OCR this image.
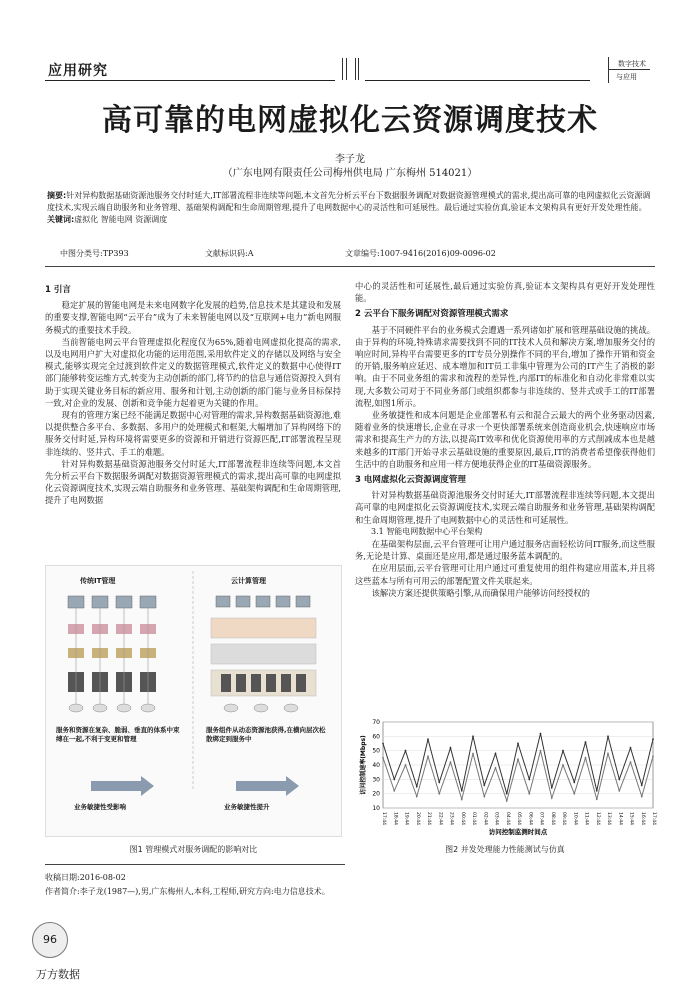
应用研究	数字技术
与应用
高可靠的电网虚拟化云资源调度技术
李子龙
（广东电网有限责任公司梅州供电局 广东梅州 514021）
摘要:针对异构数据基础资源池服务交付时延大,IT部署流程非连续等问题,本文首先分析云平台下数据服务调配对数据资源管理模式的需求,提出高可靠的电网虚拟化云资源调度技术,实现云端自助服务和业务管理、基础架构调配和生命周期管理,提升了电网数据中心的灵活性和可延展性。最后通过实验仿真,验证本文架构具有更好开发处理性能。
关键词:虚拟化 智能电网 资源调度
中图分类号:TP393	文献标识码:A	文章编号:1007-9416(2016)09-0096-02
1 引言

稳定扩展的智能电网是未来电网数字化发展的趋势,信息技术是其建设和发展的重要支撑,智能电网“云平台”成为了未来智能电网以及“互联网+电力”新电网服务模式的重要技术手段。

当前智能电网云平台管理虚拟化程度仅为65%,随着电网虚拟化提高的需求,以及电网用户扩大对虚拟化功能的运用范围,采用软件定义的存储以及网络与安全模式,能够实现完全过渡到软件定义的数据管理模式,软件定义的数据中心使得IT部门能够转变运维方式,转变为主动创新的部门,将节约的信息与通信资源投入到有助于实现关键业务目标的新应用、服务和计划,主动创新的部门能与业务目标保持一致,对企业的发展、创新和竞争能力起着更为关键的作用。

现有的管理方案已经不能满足数据中心对管理的需求,异构数据基础资源池,难以提供整合多平台、多数据、多用户的处理模式和框架,大幅增加了异构网络下的服务交付时延,异构环境将需要更多的资源和开销进行资源匹配,IT部署流程呈现非连续的、竖井式、手工的难题。

针对异构数据基础资源池服务交付时延大,IT部署流程非连续等问题,本文首先分析云平台下数据服务调配对数据资源管理模式的需求,提出高可靠的电网虚拟化云资源调度技术,实现云端自助服务和业务管理、基础架构调配和生命周期管理,提升了电网数据

传统IT管理	云计算管理
服务和资源在复杂、脆弱、垂直的体系中束缚在一起,不利于变更和管理
服务组件从动态资源池获得,在横向层次松散绑定到服务中
业务敏捷性受影响	业务敏捷性提升
图1 管理模式对服务调配的影响对比

中心的灵活性和可延展性,最后通过实验仿真,验证本文架构具有更好开发处理性能。

2 云平台下服务调配对资源管理模式需求

基于不同硬件平台的业务模式会遭遇一系列诸如扩展和管理基础设施的挑战。由于异构的环境,特殊请求需要找到不同的IT技术人员和解决方案,增加服务交付的响应时间,异构平台需要更多的IT专员分别操作不同的平台,增加了操作开销和资金的开销,服务响应延迟、成本增加和IT员工非集中管理为公司的IT产生了消极的影响。由于不同业务组的需求和流程的差异性,内部IT的标准化和自动化非常难以实现,大多数公司对于不同业务部门或组织都参与非连续的、竖井式或手工的IT部署流程,如图1所示。

业务敏捷性和成本问题是企业部署私有云和混合云最大的两个业务驱动因素,随着业务的快速增长,企业在寻求一个更快部署系统来创造商业机会,快速响应市场需求和提高生产力的方法,以提高IT效率和优化资源使用率的方式削减成本也是越来越多的IT部门开始寻求云基础设施的重要原因,最后,IT的消费者希望像获得他们生活中的自助服务和应用一样方便地获得企业的IT基础资源服务。

3 电网虚拟化云资源调度管理

针对异构数据基础资源池服务交付时延大,IT部署流程非连续等问题,本文提出高可靠的电网虚拟化云资源调度技术,实现云端自助服务和业务管理,基础架构调配和生命周期管理,提升了电网数据中心的灵活性和可延展性。

3.1 智能电网数据中心平台架构

在基础架构层面,云平台管理可让用户通过服务店面轻松访问IT服务,而这些服务,无论是计算、桌面还是应用,都是通过服务蓝本调配的。

在应用层面,云平台管理可让用户通过可重复使用的组件构建应用蓝本,并且将这些蓝本与所有可用云的部署配置文件关联起来。

该解决方案还提供策略引擎,从而确保用户能够访问经授权的

10
20
30
40
50
60
70
17:44 18:44 19:44 20:44 21:44 22:44 23:44 00:44 01:44 02:44 03:44 04:44 05:44 06:44 07:44 08:44 09:44 10:44 11:44 12:44 13:44 14:44 15:44 16:44 17:44
访问控制速率(Mbps)
访问控制监测时间点
图2 并发处理能力性能测试与仿真
收稿日期:2016-08-02
作者简介:李子龙(1987—),男,广东梅州人,本科,工程师,研究方向:电力信息技术。
96
万方数据
